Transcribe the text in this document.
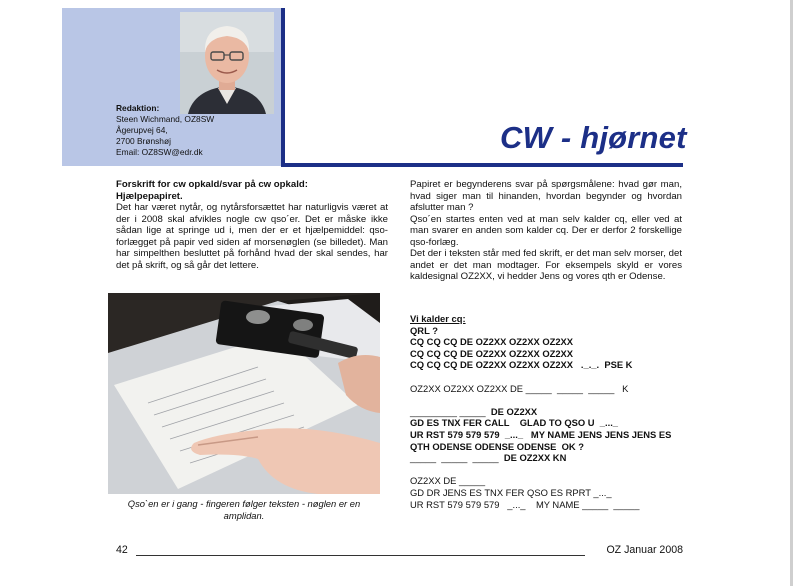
Redaktion:
Steen Wichmand, OZ8SW
Ågerupvej 64,
2700 Brønshøj
Email: OZ8SW@edr.dk	CW - hjørnet
Forskrift for cw opkald/svar på cw opkald:
Hjælpepapiret.

Det har været nytår, og nytårsforsættet har naturligvis været at der i 2008 skal afvikles nogle cw qso´er. Det er måske ikke sådan lige at springe ud i, men der er et hjælpemiddel: qso-forlægget på papir ved siden af morsenøglen (se billedet). Man har simpelthen besluttet på forhånd hvad der skal sendes, har det på skrift, og så går det lettere.

Qso`en er i gang - fingeren følger teksten - nøglen er en amplidan.

Papiret er begynderens svar på spørgsmålene: hvad gør man, hvad siger man til hinanden, hvordan begynder og hvordan afslutter man ?

Qso´en startes enten ved at man selv kalder cq, eller ved at man svarer en anden som kalder cq. Der er derfor 2 forskellige qso-forlæg.

Det der i teksten står med fed skrift, er det man selv morser, det andet er det man modtager. For eksempels skyld er vores kaldesignal OZ2XX, vi hedder Jens og vores qth er Odense.

Vi kalder cq:
QRL ?
CQ CQ CQ DE OZ2XX OZ2XX OZ2XX
CQ CQ CQ DE OZ2XX OZ2XX OZ2XX
CQ CQ CQ DE OZ2XX OZ2XX OZ2XX   ._._.  PSE K
OZ2XX OZ2XX OZ2XX DE _____  _____  _____   K
_________ _____  DE OZ2XX
GD ES TNX FER CALL    GLAD TO QSO U  _..._
UR RST 579 579 579  _..._   MY NAME JENS JENS JENS ES
QTH ODENSE ODENSE ODENSE  OK ?
_____  _____  _____  DE OZ2XX KN
OZ2XX DE _____
GD DR JENS ES TNX FER QSO ES RPRT _..._
UR RST 579 579 579   _..._    MY NAME _____  _____
42	OZ Januar 2008
